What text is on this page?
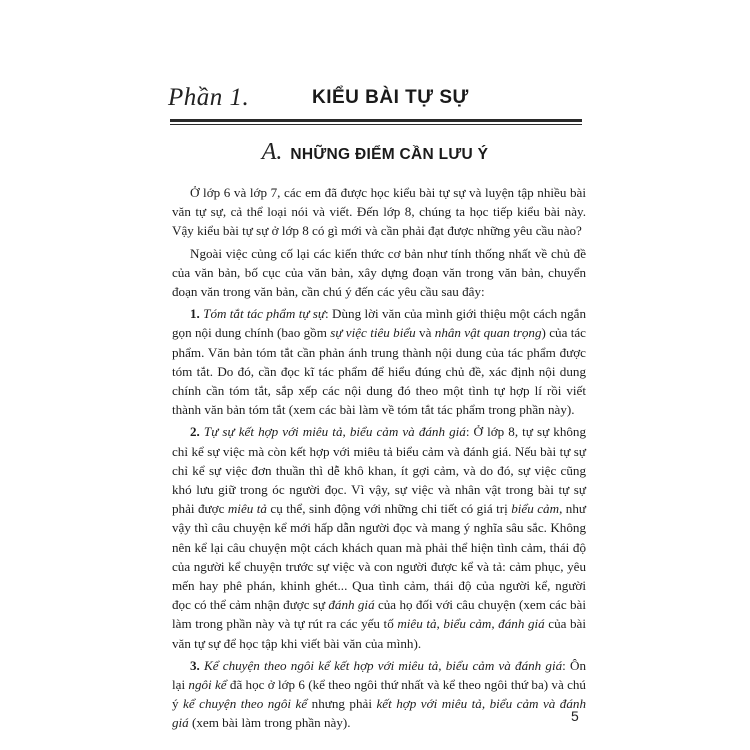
Phần 1.	KIỂU BÀI TỰ SỰ
A. NHỮNG ĐIỂM CẦN LƯU Ý

Ở lớp 6 và lớp 7, các em đã được học kiểu bài tự sự và luyện tập nhiều bài văn tự sự, cả thể loại nói và viết. Đến lớp 8, chúng ta học tiếp kiểu bài này. Vậy kiểu bài tự sự ở lớp 8 có gì mới và cần phải đạt được những yêu cầu nào?

Ngoài việc củng cố lại các kiến thức cơ bản như tính thống nhất về chủ đề của văn bản, bố cục của văn bản, xây dựng đoạn văn trong văn bản, chuyển đoạn văn trong văn bản, cần chú ý đến các yêu cầu sau đây:

1. Tóm tắt tác phẩm tự sự: Dùng lời văn của mình giới thiệu một cách ngắn gọn nội dung chính (bao gồm sự việc tiêu biểu và nhân vật quan trọng) của tác phẩm. Văn bản tóm tắt cần phản ánh trung thành nội dung của tác phẩm được tóm tắt. Do đó, cần đọc kĩ tác phẩm để hiểu đúng chủ đề, xác định nội dung chính cần tóm tắt, sắp xếp các nội dung đó theo một tình tự hợp lí rồi viết thành văn bản tóm tắt (xem các bài làm về tóm tắt tác phẩm trong phần này).

2. Tự sự kết hợp với miêu tả, biểu cảm và đánh giá: Ở lớp 8, tự sự không chỉ kể sự việc mà còn kết hợp với miêu tả biểu cảm và đánh giá. Nếu bài tự sự chỉ kể sự việc đơn thuần thì dễ khô khan, ít gợi cảm, và do đó, sự việc cũng khó lưu giữ trong óc người đọc. Vì vậy, sự việc và nhân vật trong bài tự sự phải được miêu tả cụ thể, sinh động với những chi tiết có giá trị biểu cảm, như vậy thì câu chuyện kể mới hấp dẫn người đọc và mang ý nghĩa sâu sắc. Không nên kể lại câu chuyện một cách khách quan mà phải thể hiện tình cảm, thái độ của người kể chuyện trước sự việc và con người được kể và tả: cảm phục, yêu mến hay phê phán, khinh ghét... Qua tình cảm, thái độ của người kể, người đọc có thể cảm nhận được sự đánh giá của họ đối với câu chuyện (xem các bài làm trong phần này và tự rút ra các yếu tố miêu tả, biểu cảm, đánh giá của bài văn tự sự để học tập khi viết bài văn của mình).

3. Kể chuyện theo ngôi kể kết hợp với miêu tả, biểu cảm và đánh giá: Ôn lại ngôi kể đã học ở lớp 6 (kể theo ngôi thứ nhất và kể theo ngôi thứ ba) và chú ý kể chuyện theo ngôi kể nhưng phải kết hợp với miêu tả, biểu cảm và đánh giá (xem bài làm trong phần này).	5
